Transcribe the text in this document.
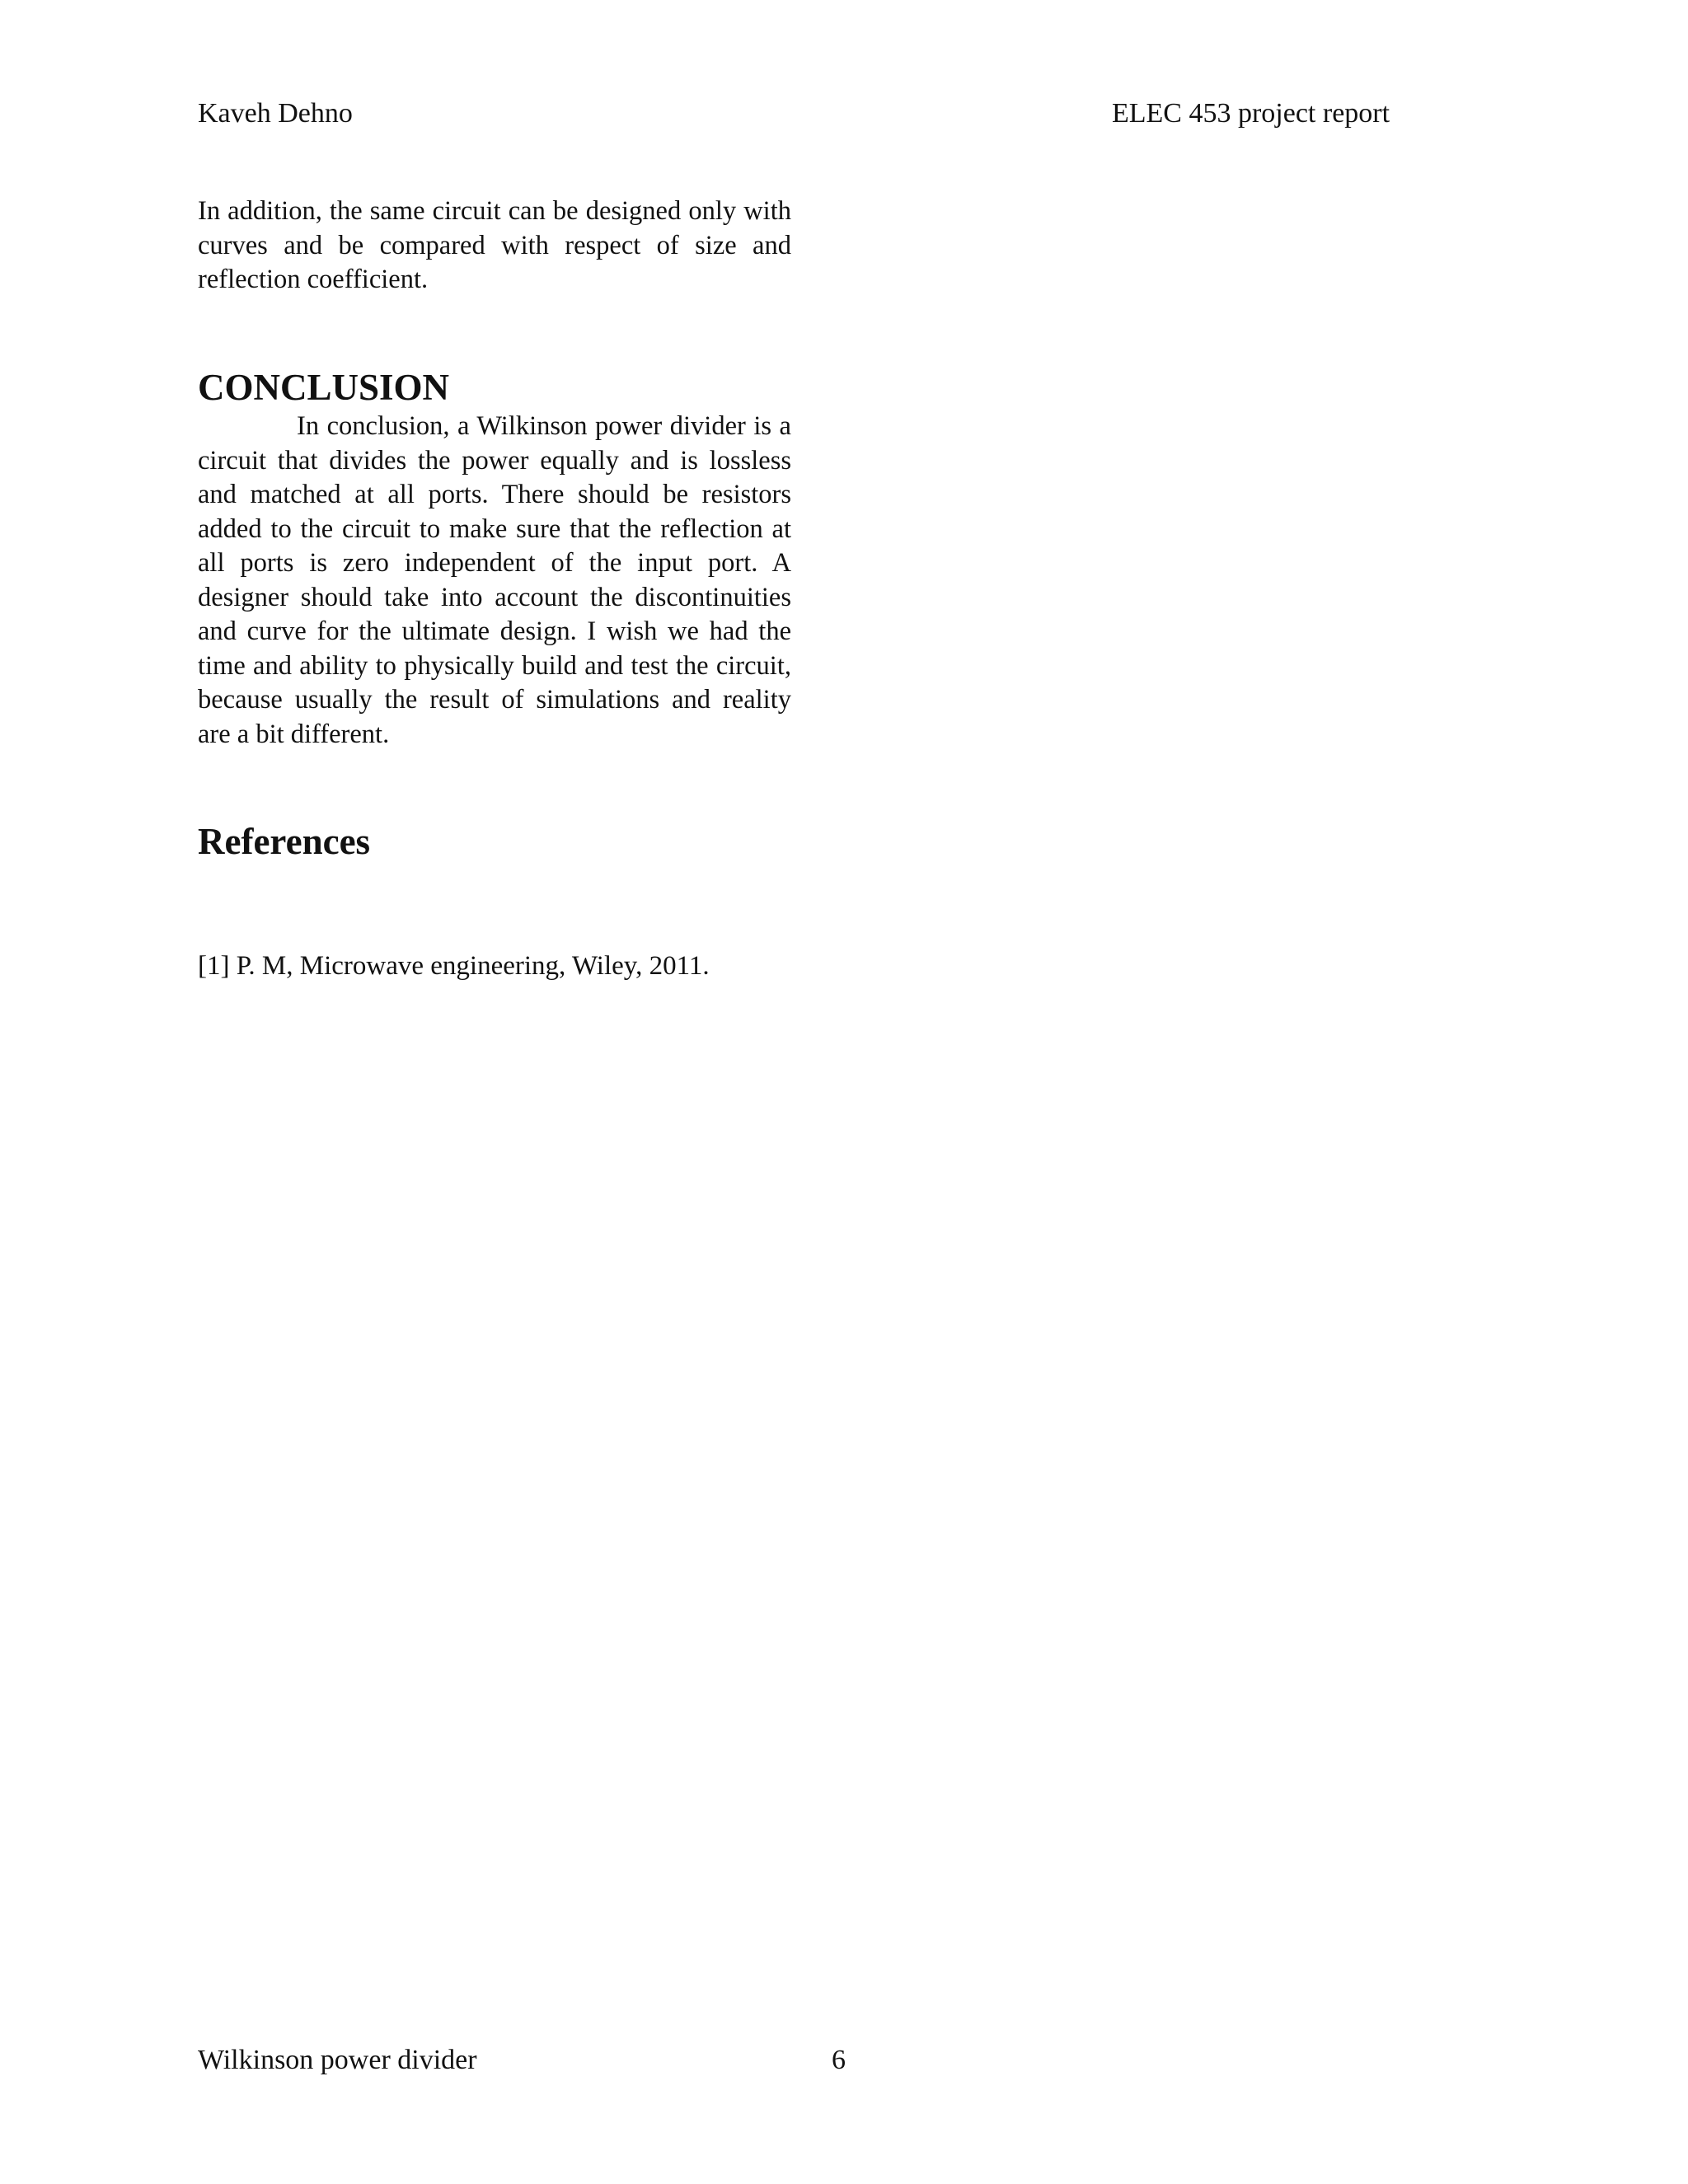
Kaveh Dehno	ELEC 453 project report

In addition, the same circuit can be designed only with curves and be compared with respect of size and reflection coefficient.

CONCLUSION

In conclusion, a Wilkinson power divider is a circuit that divides the power equally and is lossless and matched at all ports. There should be resistors added to the circuit to make sure that the reflection at all ports is zero independent of the input port. A designer should take into account the discontinuities and curve for the ultimate design. I wish we had the time and ability to physically build and test the circuit, because usually the result of simulations and reality are a bit different.

References
[1] P. M, Microwave engineering, Wiley, 2011.
Wilkinson power divider	6
